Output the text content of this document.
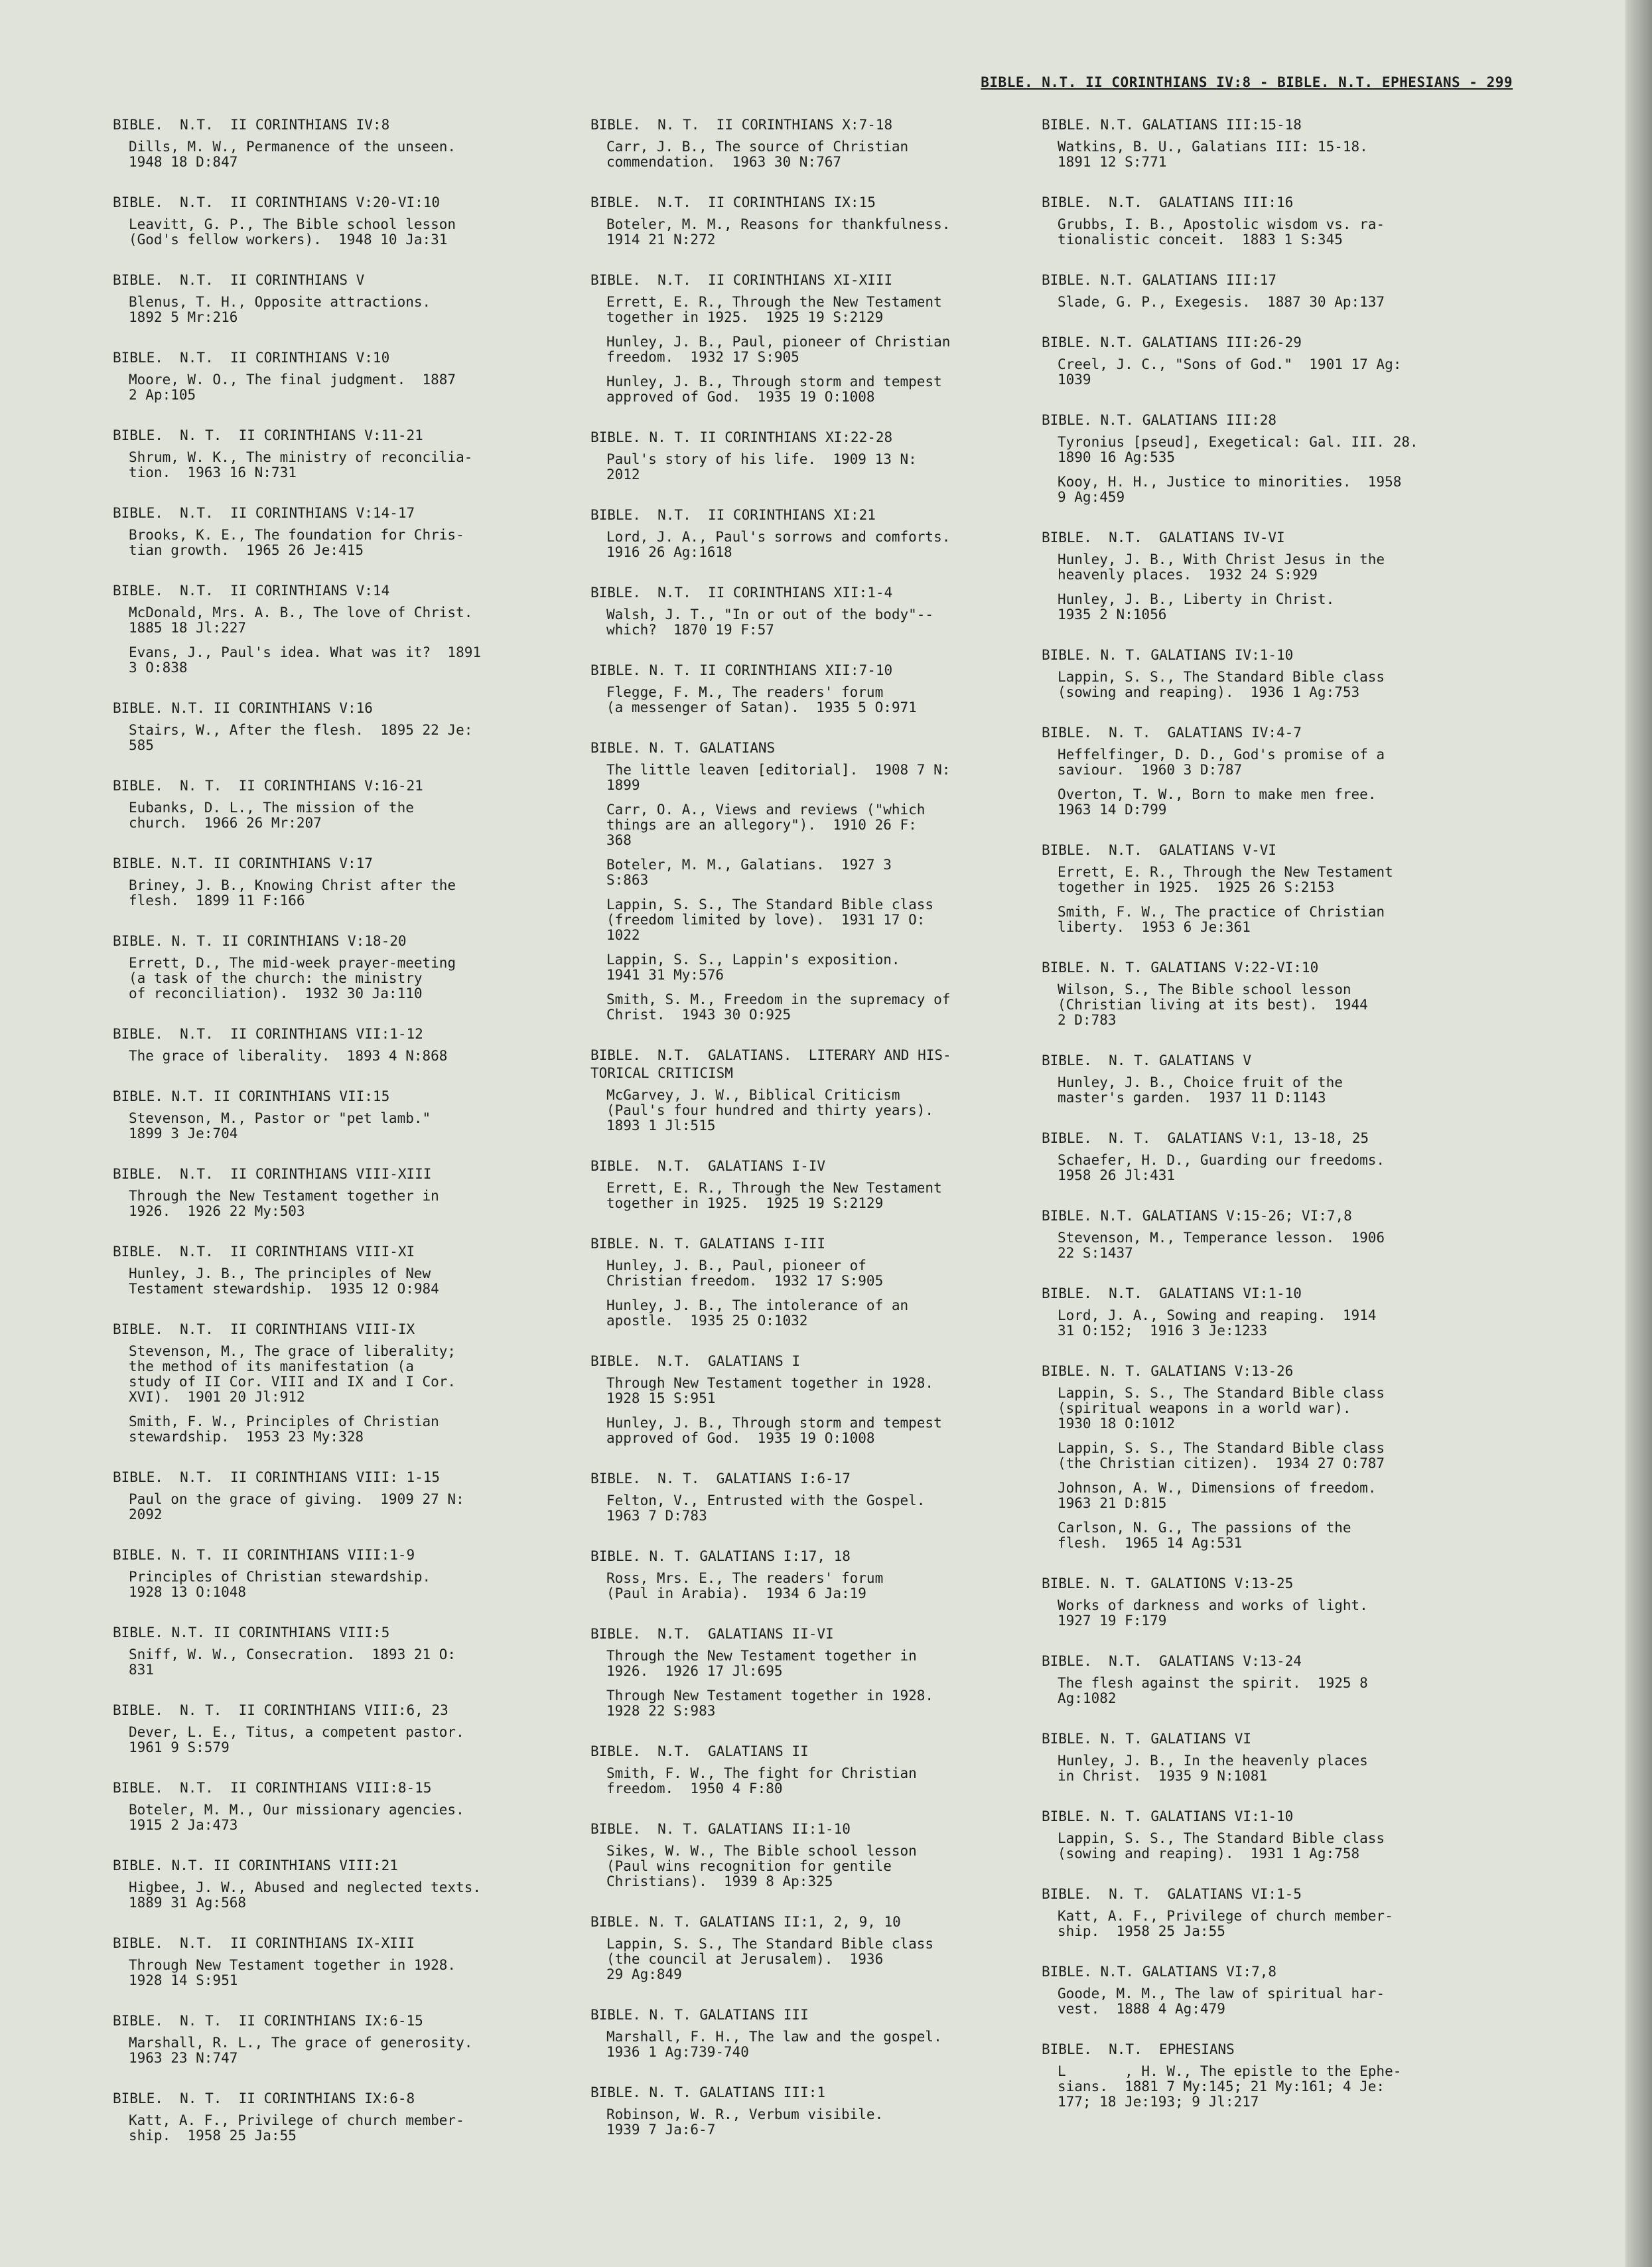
BIBLE. N.T. II CORINTHIANS IV:8 - BIBLE. N.T. EPHESIANS - 299
BIBLE.  N.T.  II CORINTHIANS IV:8
Dills, M. W., Permanence of the unseen.
1948 18 D:847
BIBLE.  N.T.  II CORINTHIANS V:20-VI:10
Leavitt, G. P., The Bible school lesson
(God's fellow workers).  1948 10 Ja:31
BIBLE.  N.T.  II CORINTHIANS V
Blenus, T. H., Opposite attractions.
1892 5 Mr:216
BIBLE.  N.T.  II CORINTHIANS V:10
Moore, W. O., The final judgment.  1887
2 Ap:105
BIBLE.  N. T.  II CORINTHIANS V:11-21
Shrum, W. K., The ministry of reconcilia-
tion.  1963 16 N:731
BIBLE.  N.T.  II CORINTHIANS V:14-17
Brooks, K. E., The foundation for Chris-
tian growth.  1965 26 Je:415
BIBLE.  N.T.  II CORINTHIANS V:14
McDonald, Mrs. A. B., The love of Christ.
1885 18 Jl:227
Evans, J., Paul's idea. What was it?  1891
3 O:838
BIBLE. N.T. II CORINTHIANS V:16
Stairs, W., After the flesh.  1895 22 Je:
585
BIBLE.  N. T.  II CORINTHIANS V:16-21
Eubanks, D. L., The mission of the
church.  1966 26 Mr:207
BIBLE. N.T. II CORINTHIANS V:17
Briney, J. B., Knowing Christ after the
flesh.  1899 11 F:166
BIBLE. N. T. II CORINTHIANS V:18-20
Errett, D., The mid-week prayer-meeting
(a task of the church: the ministry
of reconciliation).  1932 30 Ja:110
BIBLE.  N.T.  II CORINTHIANS VII:1-12
The grace of liberality.  1893 4 N:868
BIBLE. N.T. II CORINTHIANS VII:15
Stevenson, M., Pastor or "pet lamb."
1899 3 Je:704
BIBLE.  N.T.  II CORINTHIANS VIII-XIII
Through the New Testament together in
1926.  1926 22 My:503
BIBLE.  N.T.  II CORINTHIANS VIII-XI
Hunley, J. B., The principles of New
Testament stewardship.  1935 12 O:984
BIBLE.  N.T.  II CORINTHIANS VIII-IX
Stevenson, M., The grace of liberality;
the method of its manifestation (a
study of II Cor. VIII and IX and I Cor.
XVI).  1901 20 Jl:912
Smith, F. W., Principles of Christian
stewardship.  1953 23 My:328
BIBLE.  N.T.  II CORINTHIANS VIII: 1-15
Paul on the grace of giving.  1909 27 N:
2092
BIBLE. N. T. II CORINTHIANS VIII:1-9
Principles of Christian stewardship.
1928 13 O:1048
BIBLE. N.T. II CORINTHIANS VIII:5
Sniff, W. W., Consecration.  1893 21 O:
831
BIBLE.  N. T.  II CORINTHIANS VIII:6, 23
Dever, L. E., Titus, a competent pastor.
1961 9 S:579
BIBLE.  N.T.  II CORINTHIANS VIII:8-15
Boteler, M. M., Our missionary agencies.
1915 2 Ja:473
BIBLE. N.T. II CORINTHIANS VIII:21
Higbee, J. W., Abused and neglected texts.
1889 31 Ag:568
BIBLE.  N.T.  II CORINTHIANS IX-XIII
Through New Testament together in 1928.
1928 14 S:951
BIBLE.  N. T.  II CORINTHIANS IX:6-15
Marshall, R. L., The grace of generosity.
1963 23 N:747
BIBLE.  N. T.  II CORINTHIANS IX:6-8
Katt, A. F., Privilege of church member-
ship.  1958 25 Ja:55
BIBLE.  N. T.  II CORINTHIANS X:7-18
Carr, J. B., The source of Christian
commendation.  1963 30 N:767
BIBLE.  N.T.  II CORINTHIANS IX:15
Boteler, M. M., Reasons for thankfulness.
1914 21 N:272
BIBLE.  N.T.  II CORINTHIANS XI-XIII
Errett, E. R., Through the New Testament
together in 1925.  1925 19 S:2129
Hunley, J. B., Paul, pioneer of Christian
freedom.  1932 17 S:905
Hunley, J. B., Through storm and tempest
approved of God.  1935 19 O:1008
BIBLE. N. T. II CORINTHIANS XI:22-28
Paul's story of his life.  1909 13 N:
2012
BIBLE.  N.T.  II CORINTHIANS XI:21
Lord, J. A., Paul's sorrows and comforts.
1916 26 Ag:1618
BIBLE.  N.T.  II CORINTHIANS XII:1-4
Walsh, J. T., "In or out of the body"--
which?  1870 19 F:57
BIBLE. N. T. II CORINTHIANS XII:7-10
Flegge, F. M., The readers' forum
(a messenger of Satan).  1935 5 O:971
BIBLE. N. T. GALATIANS
The little leaven [editorial].  1908 7 N:
1899
Carr, O. A., Views and reviews ("which
things are an allegory").  1910 26 F:
368
Boteler, M. M., Galatians.  1927 3
S:863
Lappin, S. S., The Standard Bible class
(freedom limited by love).  1931 17 O:
1022
Lappin, S. S., Lappin's exposition.
1941 31 My:576
Smith, S. M., Freedom in the supremacy of
Christ.  1943 30 O:925
BIBLE.  N.T.  GALATIANS.  LITERARY AND HIS-
TORICAL CRITICISM
McGarvey, J. W., Biblical Criticism
(Paul's four hundred and thirty years).
1893 1 Jl:515
BIBLE.  N.T.  GALATIANS I-IV
Errett, E. R., Through the New Testament
together in 1925.  1925 19 S:2129
BIBLE. N. T. GALATIANS I-III
Hunley, J. B., Paul, pioneer of
Christian freedom.  1932 17 S:905
Hunley, J. B., The intolerance of an
apostle.  1935 25 O:1032
BIBLE.  N.T.  GALATIANS I
Through New Testament together in 1928.
1928 15 S:951
Hunley, J. B., Through storm and tempest
approved of God.  1935 19 O:1008
BIBLE.  N. T.  GALATIANS I:6-17
Felton, V., Entrusted with the Gospel.
1963 7 D:783
BIBLE. N. T. GALATIANS I:17, 18
Ross, Mrs. E., The readers' forum
(Paul in Arabia).  1934 6 Ja:19
BIBLE.  N.T.  GALATIANS II-VI
Through the New Testament together in
1926.  1926 17 Jl:695
Through New Testament together in 1928.
1928 22 S:983
BIBLE.  N.T.  GALATIANS II
Smith, F. W., The fight for Christian
freedom.  1950 4 F:80
BIBLE.  N. T. GALATIANS II:1-10
Sikes, W. W., The Bible school lesson
(Paul wins recognition for gentile
Christians).  1939 8 Ap:325
BIBLE. N. T. GALATIANS II:1, 2, 9, 10
Lappin, S. S., The Standard Bible class
(the council at Jerusalem).  1936
29 Ag:849
BIBLE. N. T. GALATIANS III
Marshall, F. H., The law and the gospel.
1936 1 Ag:739-740
BIBLE. N. T. GALATIANS III:1
Robinson, W. R., Verbum visibile.
1939 7 Ja:6-7
BIBLE. N.T. GALATIANS III:15-18
Watkins, B. U., Galatians III: 15-18.
1891 12 S:771
BIBLE.  N.T.  GALATIANS III:16
Grubbs, I. B., Apostolic wisdom vs. ra-
tionalistic conceit.  1883 1 S:345
BIBLE. N.T. GALATIANS III:17
Slade, G. P., Exegesis.  1887 30 Ap:137
BIBLE. N.T. GALATIANS III:26-29
Creel, J. C., "Sons of God."  1901 17 Ag:
1039
BIBLE. N.T. GALATIANS III:28
Tyronius [pseud], Exegetical: Gal. III. 28.
1890 16 Ag:535
Kooy, H. H., Justice to minorities.  1958
9 Ag:459
BIBLE.  N.T.  GALATIANS IV-VI
Hunley, J. B., With Christ Jesus in the
heavenly places.  1932 24 S:929
Hunley, J. B., Liberty in Christ.
1935 2 N:1056
BIBLE. N. T. GALATIANS IV:1-10
Lappin, S. S., The Standard Bible class
(sowing and reaping).  1936 1 Ag:753
BIBLE.  N. T.  GALATIANS IV:4-7
Heffelfinger, D. D., God's promise of a
saviour.  1960 3 D:787
Overton, T. W., Born to make men free.
1963 14 D:799
BIBLE.  N.T.  GALATIANS V-VI
Errett, E. R., Through the New Testament
together in 1925.  1925 26 S:2153
Smith, F. W., The practice of Christian
liberty.  1953 6 Je:361
BIBLE. N. T. GALATIANS V:22-VI:10
Wilson, S., The Bible school lesson
(Christian living at its best).  1944
2 D:783
BIBLE.  N. T. GALATIANS V
Hunley, J. B., Choice fruit of the
master's garden.  1937 11 D:1143
BIBLE.  N. T.  GALATIANS V:1, 13-18, 25
Schaefer, H. D., Guarding our freedoms.
1958 26 Jl:431
BIBLE. N.T. GALATIANS V:15-26; VI:7,8
Stevenson, M., Temperance lesson.  1906
22 S:1437
BIBLE.  N.T.  GALATIANS VI:1-10
Lord, J. A., Sowing and reaping.  1914
31 O:152;  1916 3 Je:1233
BIBLE. N. T. GALATIANS V:13-26
Lappin, S. S., The Standard Bible class
(spiritual weapons in a world war).
1930 18 O:1012
Lappin, S. S., The Standard Bible class
(the Christian citizen).  1934 27 O:787
Johnson, A. W., Dimensions of freedom.
1963 21 D:815
Carlson, N. G., The passions of the
flesh.  1965 14 Ag:531
BIBLE. N. T. GALATIONS V:13-25
Works of darkness and works of light.
1927 19 F:179
BIBLE.  N.T.  GALATIANS V:13-24
The flesh against the spirit.  1925 8
Ag:1082
BIBLE. N. T. GALATIANS VI
Hunley, J. B., In the heavenly places
in Christ.  1935 9 N:1081
BIBLE. N. T. GALATIANS VI:1-10
Lappin, S. S., The Standard Bible class
(sowing and reaping).  1931 1 Ag:758
BIBLE.  N. T.  GALATIANS VI:1-5
Katt, A. F., Privilege of church member-
ship.  1958 25 Ja:55
BIBLE. N.T. GALATIANS VI:7,8
Goode, M. M., The law of spiritual har-
vest.  1888 4 Ag:479
BIBLE.  N.T.  EPHESIANS
L       , H. W., The epistle to the Ephe-
sians.  1881 7 My:145; 21 My:161; 4 Je:
177; 18 Je:193; 9 Jl:217
